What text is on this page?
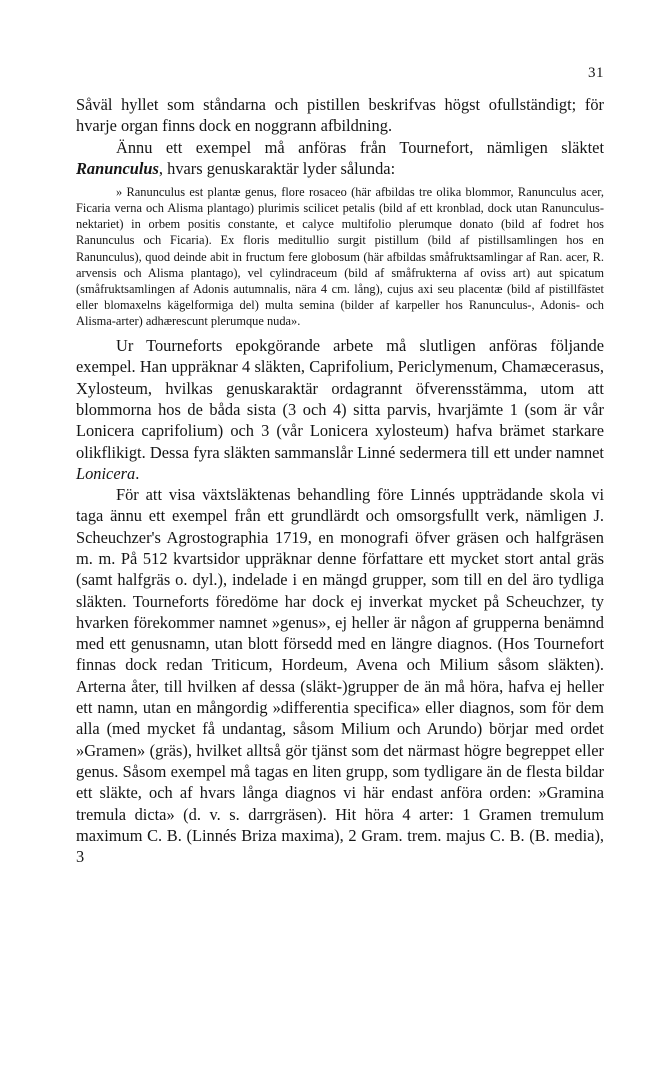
31

Såväl hyllet som ståndarna och pistillen beskrifvas högst ofullständigt; för hvarje organ finns dock en noggrann afbildning.

Ännu ett exempel må anföras från Tournefort, nämligen släktet Ranunculus, hvars genuskaraktär lyder sålunda:

» Ranunculus est plantæ genus, flore rosaceo (här afbildas tre olika blommor, Ranunculus acer, Ficaria verna och Alisma plantago) plurimis scilicet petalis (bild af ett kronblad, dock utan Ranunculus-nektariet) in orbem positis constante, et calyce multifolio plerumque donato (bild af fodret hos Ranunculus och Ficaria). Ex floris meditullio surgit pistillum (bild af pistillsamlingen hos en Ranunculus), quod deinde abit in fructum fere globosum (här afbildas småfruktsamlingar af Ran. acer, R. arvensis och Alisma plantago), vel cylindraceum (bild af småfrukterna af oviss art) aut spicatum (småfruktsamlingen af Adonis autumnalis, nära 4 cm. lång), cujus axi seu placentæ (bild af pistillfästet eller blomaxelns kägelformiga del) multa semina (bilder af karpeller hos Ranunculus-, Adonis- och Alisma-arter) adhærescunt plerumque nuda».

Ur Tourneforts epokgörande arbete må slutligen anföras följande exempel. Han uppräknar 4 släkten, Caprifolium, Periclymenum, Chamæcerasus, Xylosteum, hvilkas genuskaraktär ordagrannt öfverensstämma, utom att blommorna hos de båda sista (3 och 4) sitta parvis, hvarjämte 1 (som är vår Lonicera caprifolium) och 3 (vår Lonicera xylosteum) hafva brämet starkare olikflikigt. Dessa fyra släkten sammanslår Linné sedermera till ett under namnet Lonicera.

För att visa växtsläktenas behandling före Linnés uppträdande skola vi taga ännu ett exempel från ett grundlärdt och omsorgsfullt verk, nämligen J. Scheuchzer's Agrostographia 1719, en monografi öfver gräsen och halfgräsen m. m. På 512 kvartsidor uppräknar denne författare ett mycket stort antal gräs (samt halfgräs o. dyl.), indelade i en mängd grupper, som till en del äro tydliga släkten. Tourneforts föredöme har dock ej inverkat mycket på Scheuchzer, ty hvarken förekommer namnet »genus», ej heller är någon af grupperna benämnd med ett genusnamn, utan blott försedd med en längre diagnos. (Hos Tournefort finnas dock redan Triticum, Hordeum, Avena och Milium såsom släkten). Arterna åter, till hvilken af dessa (släkt-)grupper de än må höra, hafva ej heller ett namn, utan en mångordig »differentia specifica» eller diagnos, som för dem alla (med mycket få undantag, såsom Milium och Arundo) börjar med ordet »Gramen» (gräs), hvilket alltså gör tjänst som det närmast högre begreppet eller genus. Såsom exempel må tagas en liten grupp, som tydligare än de flesta bildar ett släkte, och af hvars långa diagnos vi här endast anföra orden: »Gramina tremula dicta» (d. v. s. darrgräsen). Hit höra 4 arter: 1 Gramen tremulum maximum C. B. (Linnés Briza maxima), 2 Gram. trem. majus C. B. (B. media), 3
